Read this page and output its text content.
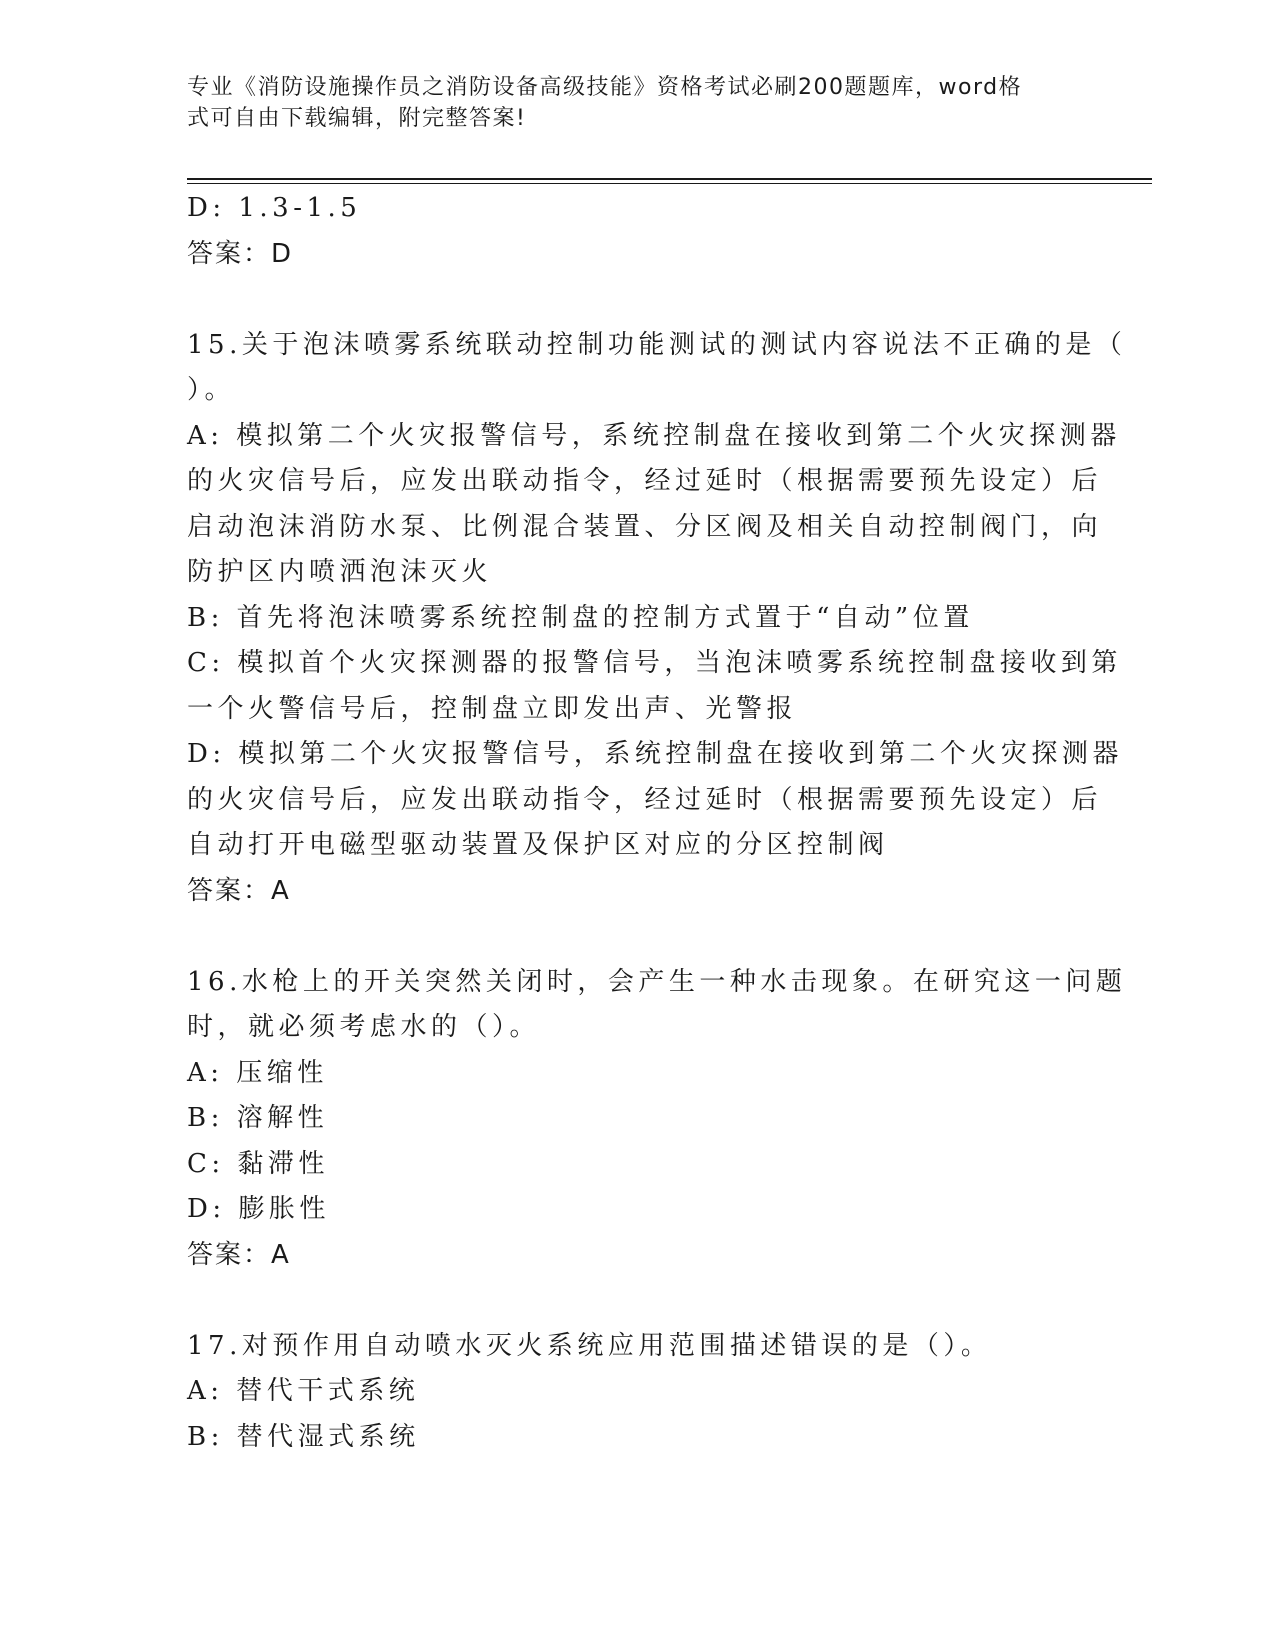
专业《消防设施操作员之消防设备高级技能》资格考试必刷200题题库，word格
式可自由下载编辑，附完整答案!
D: 1.3-1.5
答案：D
15.关于泡沫喷雾系统联动控制功能测试的测试内容说法不正确的是（
）。
A: 模拟第二个火灾报警信号，系统控制盘在接收到第二个火灾探测器
的火灾信号后，应发出联动指令，经过延时（根据需要预先设定）后
启动泡沫消防水泵、比例混合装置、分区阀及相关自动控制阀门，向
防护区内喷洒泡沫灭火
B: 首先将泡沫喷雾系统控制盘的控制方式置于“自动”位置
C: 模拟首个火灾探测器的报警信号，当泡沫喷雾系统控制盘接收到第
一个火警信号后，控制盘立即发出声、光警报
D: 模拟第二个火灾报警信号，系统控制盘在接收到第二个火灾探测器
的火灾信号后，应发出联动指令，经过延时（根据需要预先设定）后
自动打开电磁型驱动装置及保护区对应的分区控制阀
答案：A
16.水枪上的开关突然关闭时，会产生一种水击现象。在研究这一问题
时，就必须考虑水的（）。
A: 压缩性
B: 溶解性
C: 黏滞性
D: 膨胀性
答案：A
17.对预作用自动喷水灭火系统应用范围描述错误的是（）。
A: 替代干式系统
B: 替代湿式系统
